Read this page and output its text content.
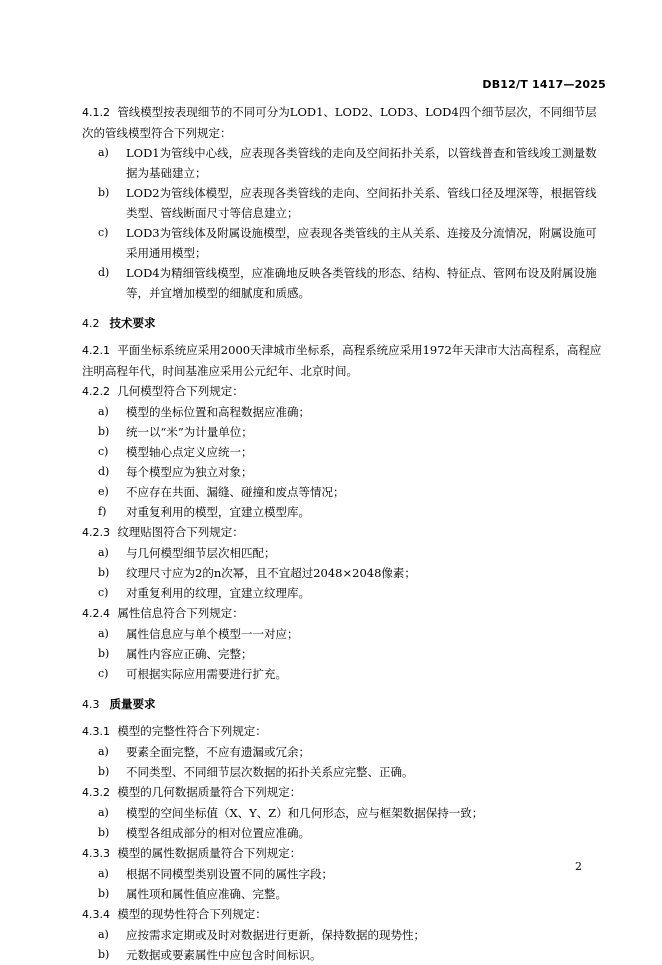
DB12/T 1417—2025
4.1.2 管线模型按表现细节的不同可分为LOD1、LOD2、LOD3、LOD4四个细节层次，不同细节层次的管线模型符合下列规定：
a) LOD1为管线中心线，应表现各类管线的走向及空间拓扑关系，以管线普查和管线竣工测量数据为基础建立；
b) LOD2为管线体模型，应表现各类管线的走向、空间拓扑关系、管线口径及埋深等，根据管线类型、管线断面尺寸等信息建立；
c) LOD3为管线体及附属设施模型，应表现各类管线的主从关系、连接及分流情况，附属设施可采用通用模型；
d) LOD4为精细管线模型，应准确地反映各类管线的形态、结构、特征点、管网布设及附属设施等，并宜增加模型的细腻度和质感。
4.2 技术要求
4.2.1 平面坐标系统应采用2000天津城市坐标系，高程系统应采用1972年天津市大沽高程系，高程应注明高程年代，时间基准应采用公元纪年、北京时间。
4.2.2 几何模型符合下列规定：
a) 模型的坐标位置和高程数据应准确；
b) 统一以“米”为计量单位；
c) 模型轴心点定义应统一；
d) 每个模型应为独立对象；
e) 不应存在共面、漏缝、碰撞和废点等情况；
f) 对重复利用的模型，宜建立模型库。
4.2.3 纹理贴图符合下列规定：
a) 与几何模型细节层次相匹配；
b) 纹理尺寸应为2的n次幂，且不宜超过2048×2048像素；
c) 对重复利用的纹理，宜建立纹理库。
4.2.4 属性信息符合下列规定：
a) 属性信息应与单个模型一一对应；
b) 属性内容应正确、完整；
c) 可根据实际应用需要进行扩充。
4.3 质量要求
4.3.1 模型的完整性符合下列规定：
a) 要素全面完整，不应有遗漏或冗余；
b) 不同类型、不同细节层次数据的拓扑关系应完整、正确。
4.3.2 模型的几何数据质量符合下列规定：
a) 模型的空间坐标值（X、Y、Z）和几何形态，应与框架数据保持一致；
b) 模型各组成部分的相对位置应准确。
4.3.3 模型的属性数据质量符合下列规定：
a) 根据不同模型类别设置不同的属性字段；
b) 属性项和属性值应准确、完整。
4.3.4 模型的现势性符合下列规定：
a) 应按需求定期或及时对数据进行更新，保持数据的现势性；
b) 元数据或要素属性中应包含时间标识。
2
